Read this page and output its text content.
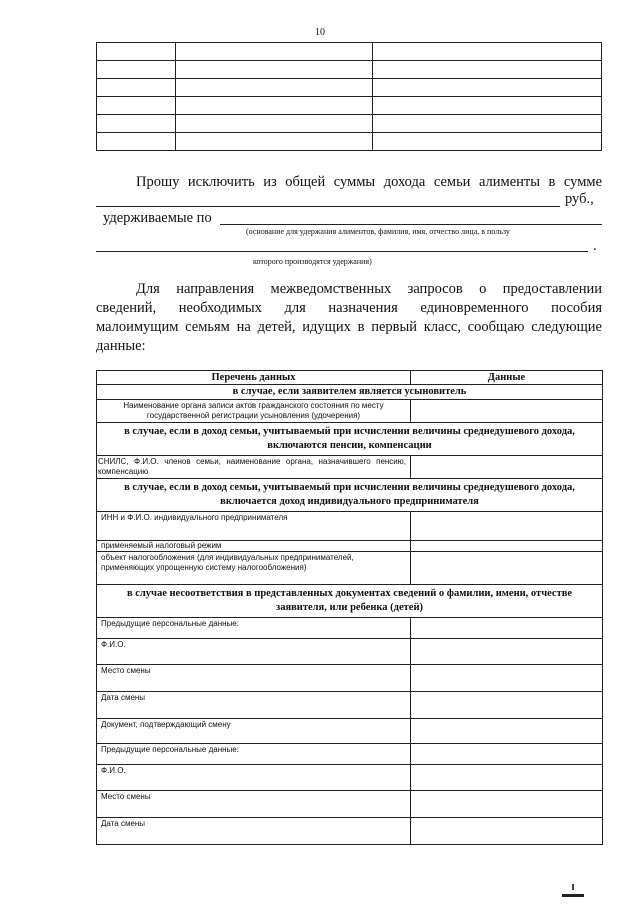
10

Прошу исключить из общей суммы дохода семьи алименты в сумме
руб.,
удерживаемые по
(основание для удержания алиментов, фамилия, имя, отчество лица, в пользу
.
которого производятся удержания)
Для направления межведомственных запросов о предоставлении
сведений, необходимых для назначения единовременного пособия
малоимущим семьям на детей, идущих в первый класс, сообщаю следующие
данные:
Перечень данных	Данные
в случае, если заявителем является усыновитель	
Наименование органа записи актов гражданского состояния по месту государственной регистрации усыновления (удочерения)	
в случае, если в доход семьи, учитываемый при исчислении величины среднедушевого дохода, включаются пенсии, компенсации	
СНИЛС, Ф.И.О. членов семьи, наименование органа, назначившего пенсию, компенсацию	
в случае, если в доход семьи, учитываемый при исчислении величины среднедушевого дохода, включается доход индивидуального предпринимателя	
ИНН и Ф.И.О. индивидуального предпринимателя	
применяемый налоговый режим	
объект налогообложения (для индивидуальных предпринимателей, применяющих упрощенную систему налогообложения)	
в случае несоответствия в представленных документах сведений о фамилии, имени, отчестве заявителя, или ребенка (детей)	
Предыдущие персональные данные:	
Ф.И.О.	
Место смены	
Дата смены	
Документ, подтверждающий смену	
Предыдущие персональные данные:	
Ф.И.О.	
Место смены	
Дата смены	
